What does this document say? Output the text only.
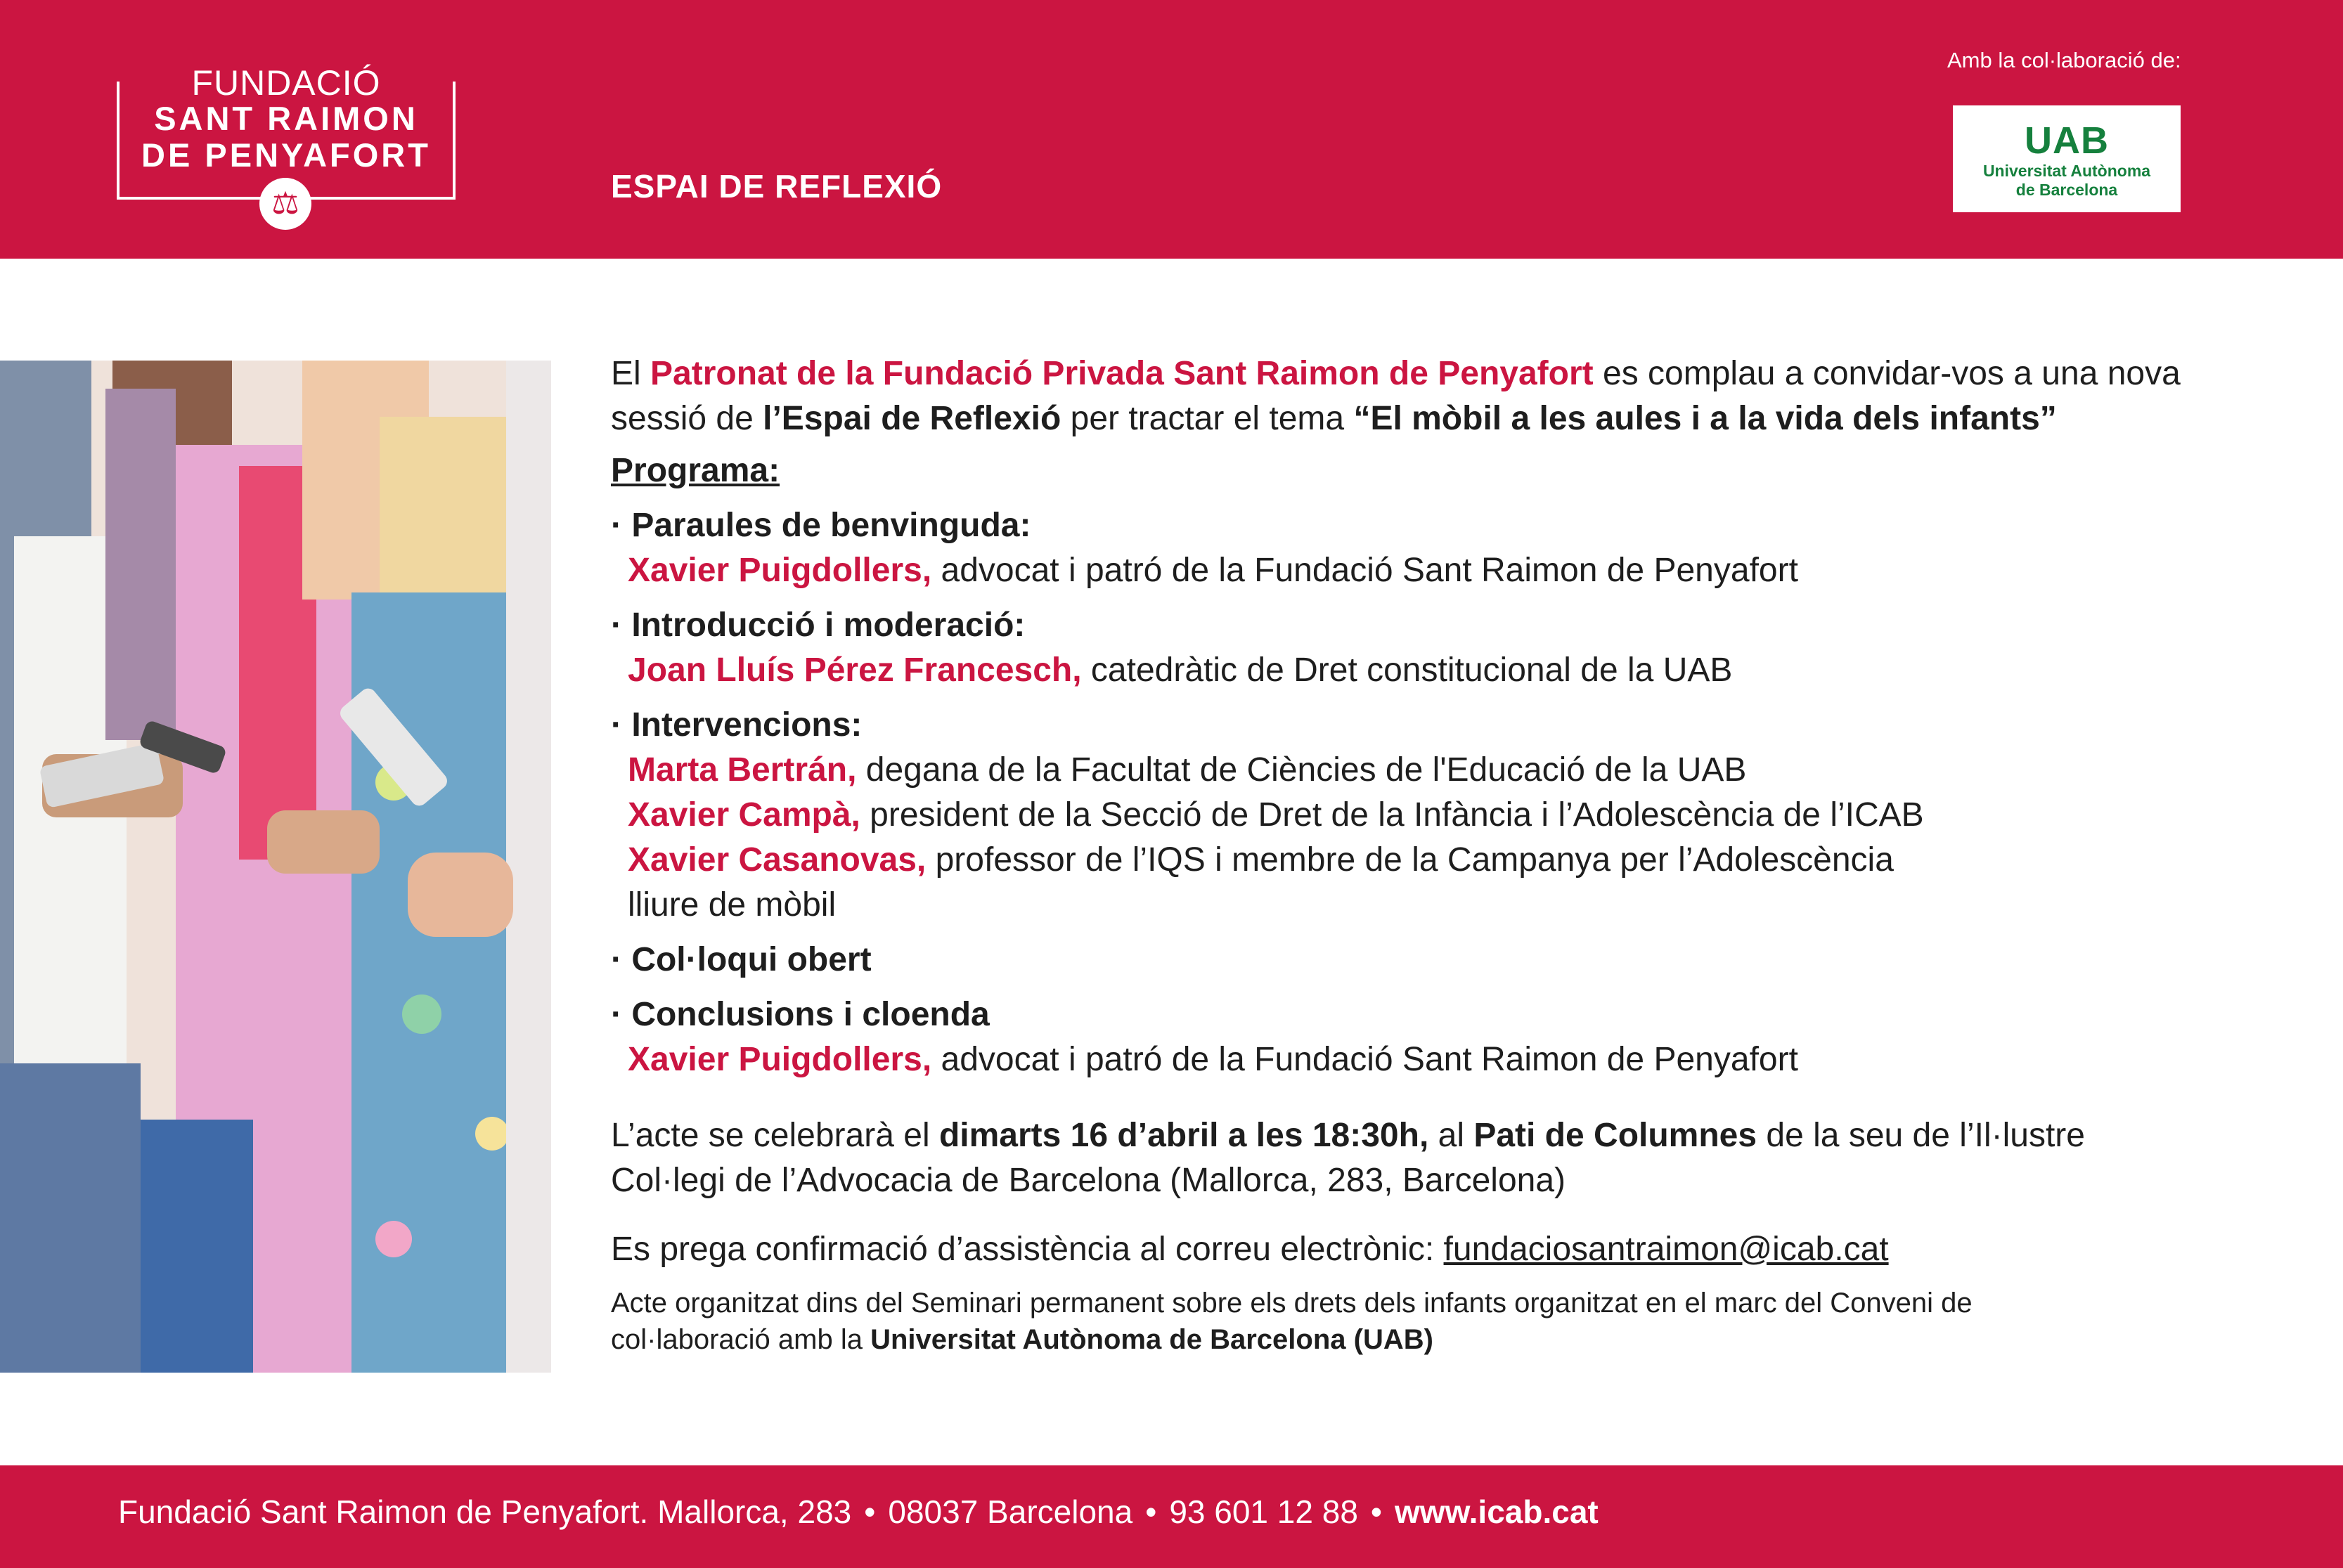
FUNDACIÓ
SANT RAIMON
DE PENYAFORT
⚖	ESPAI DE REFLEXIÓ
Amb la col·laboració de:
UAB
Universitat Autònoma
de Barcelona

El Patronat de la Fundació Privada Sant Raimon de Penyafort es complau a convidar-vos a una nova sessió de l’Espai de Reflexió per tractar el tema “El mòbil a les aules i a la vida dels infants”

Programa:
· Paraules de benvinguda:
Xavier Puigdollers, advocat i patró de la Fundació Sant Raimon de Penyafort
· Introducció i moderació:
Joan Lluís Pérez Francesch, catedràtic de Dret constitucional de la UAB
· Intervencions:
Marta Bertrán, degana de la Facultat de Ciències de l'Educació de la UAB
Xavier Campà, president de la Secció de Dret de la Infància i l’Adolescència de l’ICAB
Xavier Casanovas, professor de l’IQS i membre de la Campanya per l’Adolescència
lliure de mòbil
· Col·loqui obert
· Conclusions i cloenda
Xavier Puigdollers, advocat i patró de la Fundació Sant Raimon de Penyafort
L’acte se celebrarà el dimarts 16 d’abril a les 18:30h, al Pati de Columnes de la seu de l’Il·lustre
Col·legi de l’Advocacia de Barcelona (Mallorca, 283, Barcelona)
Es prega confirmació d’assistència al correu electrònic: fundaciosantraimon@icab.cat
Acte organitzat dins del Seminari permanent sobre els drets dels infants organitzat en el marc del Conveni de
col·laboració amb la Universitat Autònoma de Barcelona (UAB)
Fundació Sant Raimon de Penyafort. Mallorca, 283 • 08037 Barcelona • 93 601 12 88 • www.icab.cat
